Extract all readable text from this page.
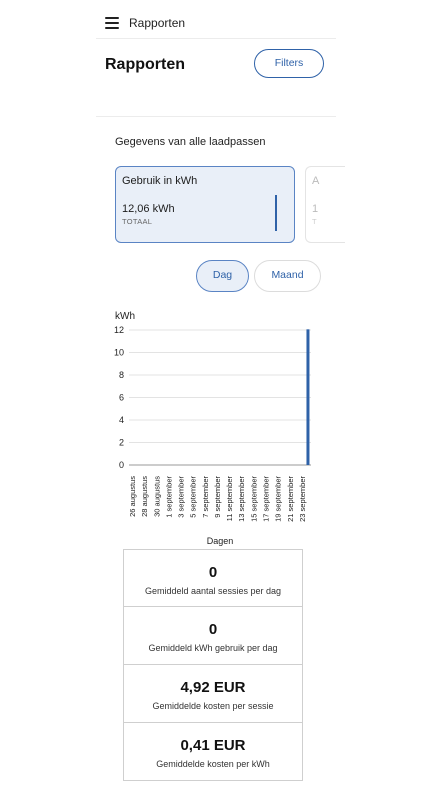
Rapporten
Rapporten	Filters
Gegevens van alle laadpassen
Gebruik in kWh
12,06 kWh
TOTAAL
A
1
T
Dag	Maand
kWh
0
2
4
6
8
10
12
26 augustus 28 augustus 30 augustus 1 september 3 september 5 september 7 september 9 september 11 september 13 september 15 september 17 september 19 september 21 september 23 september
Dagen
0
Gemiddeld aantal sessies per dag
0
Gemiddeld kWh gebruik per dag
4,92 EUR
Gemiddelde kosten per sessie
0,41 EUR
Gemiddelde kosten per kWh
